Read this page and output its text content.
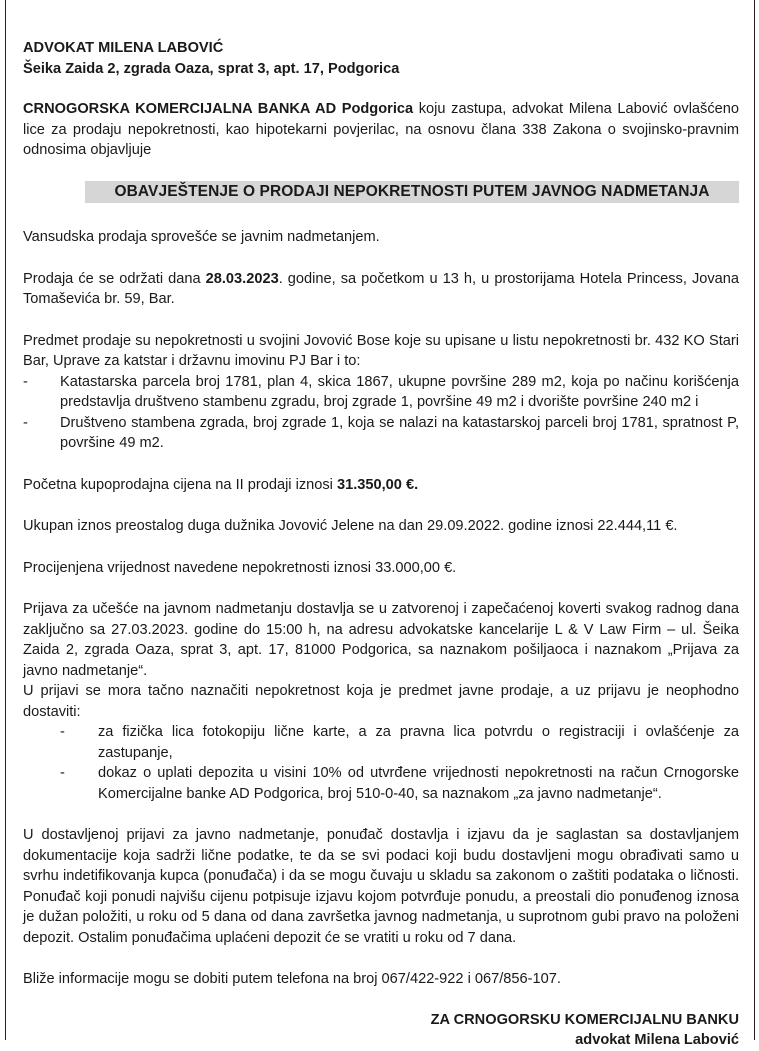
ADVOKAT MILENA LABOVIĆ

Šeika Zaida 2, zgrada Oaza, sprat 3, apt. 17, Podgorica

CRNOGORSKA KOMERCIJALNA BANKA AD Podgorica koju zastupa, advokat Milena Labović ovlašćeno lice za prodaju nepokretnosti, kao hipotekarni povjerilac, na osnovu člana 338 Zakona o svojinsko-pravnim odnosima objavljuje

OBAVJEŠTENJE O PRODAJI NEPOKRETNOSTI PUTEM JAVNOG NADMETANJA

Vansudska prodaja sprovešće se javnim nadmetanjem.

Prodaja će se održati dana 28.03.2023. godine, sa početkom u 13 h, u prostorijama Hotela Princess, Jovana Tomaševića br. 59, Bar.

Predmet prodaje su nepokretnosti u svojini Jovović Bose koje su upisane u listu nepokretnosti br. 432 KO Stari Bar, Uprave za katstar i državnu imovinu PJ Bar i to:

- Katastarska parcela broj 1781, plan 4, skica 1867, ukupne površine 289 m2, koja po načinu korišćenja predstavlja društveno stambenu zgradu, broj zgrade 1, površine 49 m2 i dvorište površine 240 m2 i
- Društveno stambena zgrada, broj zgrade 1, koja se nalazi na katastarskoj parceli broj 1781, spratnost P, površine 49 m2.

Početna kupoprodajna cijena na II prodaji iznosi 31.350,00 €.

Ukupan iznos preostalog duga dužnika Jovović Jelene na dan 29.09.2022. godine iznosi 22.444,11 €.

Procijenjena vrijednost navedene nepokretnosti iznosi 33.000,00 €.

Prijava za učešće na javnom nadmetanju dostavlja se u zatvorenoj i zapečaćenoj koverti svakog radnog dana zaključno sa 27.03.2023. godine do 15:00 h, na adresu advokatske kancelarije L & V Law Firm – ul. Šeika Zaida 2, zgrada Oaza, sprat 3, apt. 17, 81000 Podgorica, sa naznakom pošiljaoca i naznakom „Prijava za javno nadmetanje“.

U prijavi se mora tačno naznačiti nepokretnost koja je predmet javne prodaje, a uz prijavu je neophodno dostaviti:

- za fizička lica fotokopiju lične karte, a za pravna lica potvrdu o registraciji i ovlašćenje za zastupanje,
- dokaz o uplati depozita u visini 10% od utvrđene vrijednosti nepokretnosti na račun Crnogorske Komercijalne banke AD Podgorica, broj 510-0-40, sa naznakom „za javno nadmetanje“.

U dostavljenoj prijavi za javno nadmetanje, ponuđač dostavlja i izjavu da je saglastan sa dostavljanjem dokumentacije koja sadrži lične podatke, te da se svi podaci koji budu dostavljeni mogu obrađivati samo u svrhu indetifikovanja kupca (ponuđača) i da se mogu čuvaju u skladu sa zakonom o zaštiti podataka o ličnosti. Ponuđač koji ponudi najvišu cijenu potpisuje izjavu kojom potvrđuje ponudu, a preostali dio ponuđenog iznosa je dužan položiti, u roku od 5 dana od dana završetka javnog nadmetanja, u suprotnom gubi pravo na položeni depozit. Ostalim ponuđačima uplaćeni depozit će se vratiti u roku od 7 dana.

Bliže informacije mogu se dobiti putem telefona na broj 067/422-922 i 067/856-107.

ZA CRNOGORSKU KOMERCIJALNU BANKU

advokat Milena Labović
